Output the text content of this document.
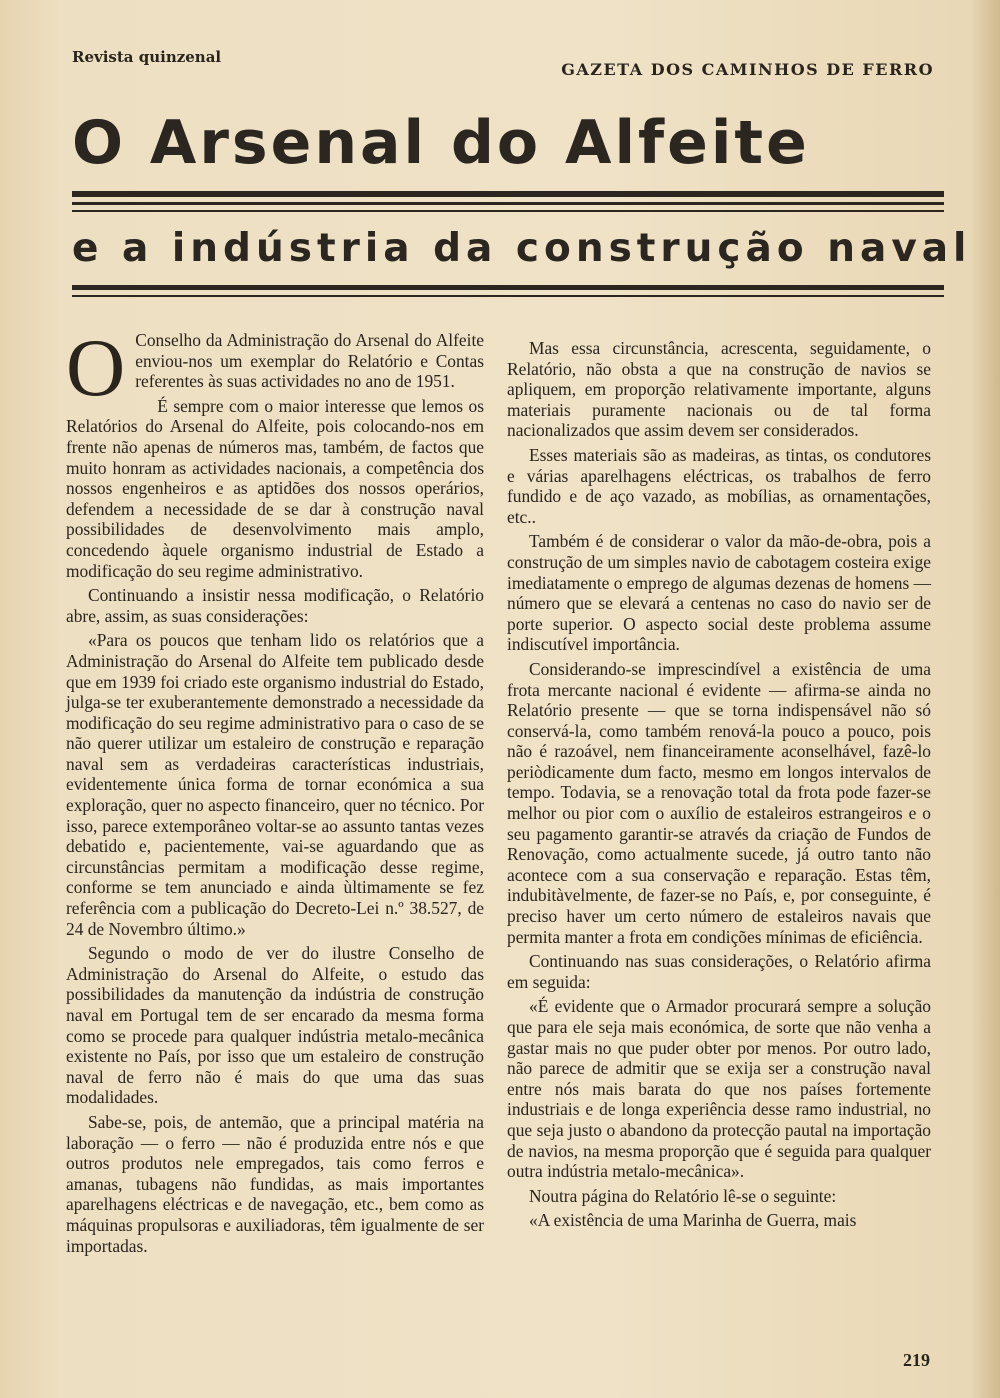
Revista quinzenal
GAZETA DOS CAMINHOS DE FERRO
O Arsenal do Alfeite
e a indústria da construção naval

O Conselho da Administração do Arsenal do Alfeite enviou-nos um exemplar do Relatório e Contas referentes às suas actividades no ano de 1951.

É sempre com o maior interesse que lemos os Relatórios do Arsenal do Alfeite, pois colocando-nos em frente não apenas de números mas, também, de factos que muito honram as actividades nacionais, a competência dos nossos engenheiros e as aptidões dos nossos operários, defendem a necessidade de se dar à construção naval possibilidades de desenvolvimento mais amplo, concedendo àquele organismo industrial de Estado a modificação do seu regime administrativo.

Continuando a insistir nessa modificação, o Relatório abre, assim, as suas considerações:

«Para os poucos que tenham lido os relatórios que a Administração do Arsenal do Alfeite tem publicado desde que em 1939 foi criado este organismo industrial do Estado, julga-se ter exuberantemente demonstrado a necessidade da modificação do seu regime administrativo para o caso de se não querer utilizar um estaleiro de construção e reparação naval sem as verdadeiras características industriais, evidentemente única forma de tornar económica a sua exploração, quer no aspecto financeiro, quer no técnico. Por isso, parece extemporâneo voltar-se ao assunto tantas vezes debatido e, pacientemente, vai-se aguardando que as circunstâncias permitam a modificação desse regime, conforme se tem anunciado e ainda ùltimamente se fez referência com a publicação do Decreto-Lei n.º 38.527, de 24 de Novembro último.»

Segundo o modo de ver do ilustre Conselho de Administração do Arsenal do Alfeite, o estudo das possibilidades da manutenção da indústria de construção naval em Portugal tem de ser encarado da mesma forma como se procede para qualquer indústria metalo-mecânica existente no País, por isso que um estaleiro de construção naval de ferro não é mais do que uma das suas modalidades.

Sabe-se, pois, de antemão, que a principal matéria na laboração — o ferro — não é produzida entre nós e que outros produtos nele empregados, tais como ferros e amanas, tubagens não fundidas, as mais importantes aparelhagens eléctricas e de navegação, etc., bem como as máquinas propulsoras e auxiliadoras, têm igualmente de ser importadas.

Mas essa circunstância, acrescenta, seguidamente, o Relatório, não obsta a que na construção de navios se apliquem, em proporção relativamente importante, alguns materiais puramente nacionais ou de tal forma nacionalizados que assim devem ser considerados.

Esses materiais são as madeiras, as tintas, os condutores e várias aparelhagens eléctricas, os trabalhos de ferro fundido e de aço vazado, as mobílias, as ornamentações, etc..

Também é de considerar o valor da mão-de-obra, pois a construção de um simples navio de cabotagem costeira exige imediatamente o emprego de algumas dezenas de homens — número que se elevará a centenas no caso do navio ser de porte superior. O aspecto social deste problema assume indiscutível importância.

Considerando-se imprescindível a existência de uma frota mercante nacional é evidente — afirma-se ainda no Relatório presente — que se torna indispensável não só conservá-la, como também renová-la pouco a pouco, pois não é razoável, nem financeiramente aconselhável, fazê-lo periòdicamente dum facto, mesmo em longos intervalos de tempo. Todavia, se a renovação total da frota pode fazer-se melhor ou pior com o auxílio de estaleiros estrangeiros e o seu pagamento garantir-se através da criação de Fundos de Renovação, como actualmente sucede, já outro tanto não acontece com a sua conservação e reparação. Estas têm, indubitàvelmente, de fazer-se no País, e, por conseguinte, é preciso haver um certo número de estaleiros navais que permita manter a frota em condições mínimas de eficiência.

Continuando nas suas considerações, o Relatório afirma em seguida:

«É evidente que o Armador procurará sempre a solução que para ele seja mais económica, de sorte que não venha a gastar mais no que puder obter por menos. Por outro lado, não parece de admitir que se exija ser a construção naval entre nós mais barata do que nos países fortemente industriais e de longa experiência desse ramo industrial, no que seja justo o abandono da protecção pautal na importação de navios, na mesma proporção que é seguida para qualquer outra indústria metalo-mecânica».

Noutra página do Relatório lê-se o seguinte:

«A existência de uma Marinha de Guerra, mais

219
